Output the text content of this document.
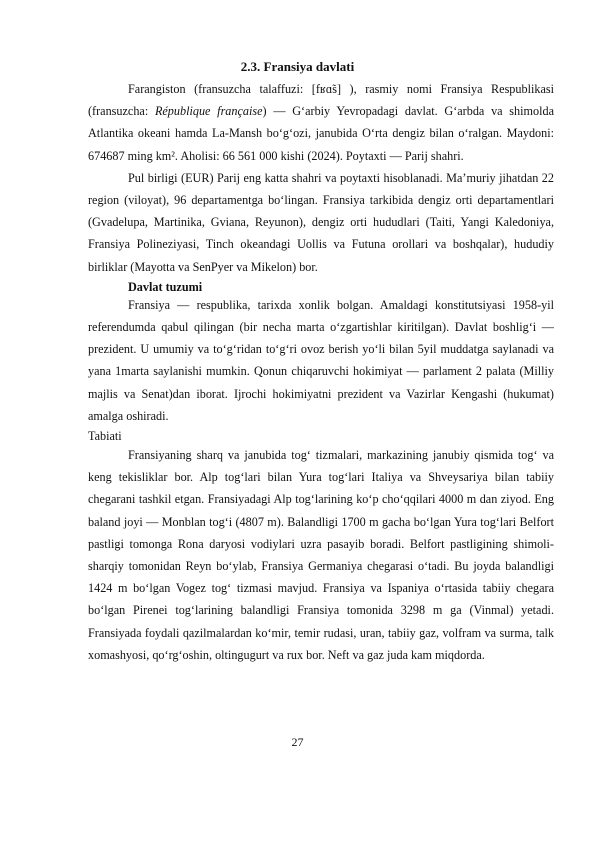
2.3. Fransiya davlati

Farangiston (fransuzcha talaffuzi: [fʁɑ̃s] ), rasmiy nomi Fransiya Respublikasi (fransuzcha: République française) — Gʻarbiy Yevropadagi davlat. Gʻarbda va shimolda Atlantika okeani hamda La-Mansh boʻgʻozi, janubida Oʻrta dengiz bilan oʻralgan. Maydoni: 674687 ming km². Aholisi: 66 561 000 kishi (2024). Poytaxti — Parij shahri.

Pul birligi (EUR) Parij eng katta shahri va poytaxti hisoblanadi. Maʼmuriy jihatdan 22 region (viloyat), 96 departamentga boʻlingan. Fransiya tarkibida dengiz orti departamentlari (Gvadelupa, Martinika, Gviana, Reyunon), dengiz orti hududlari (Taiti, Yangi Kaledoniya, Fransiya Polineziyasi, Tinch okeandagi Uollis va Futuna orollari va boshqalar), hududiy birliklar (Mayotta va SenPyer va Mikelon) bor.

Davlat tuzumi

Fransiya — respublika, tarixda xonlik bolgan. Amaldagi konstitutsiyasi 1958-yil referendumda qabul qilingan (bir necha marta oʻzgartishlar kiritilgan). Davlat boshligʻi — prezident. U umumiy va toʻgʻridan toʻgʻri ovoz berish yoʻli bilan 5yil muddatga saylanadi va yana 1marta saylanishi mumkin. Qonun chiqaruvchi hokimiyat — parlament 2 palata (Milliy majlis va Senat)dan iborat. Ijrochi hokimiyatni prezident va Vazirlar Kengashi (hukumat) amalga oshiradi.

Tabiati

Fransiyaning sharq va janubida togʻ tizmalari, markazining janubiy qismida togʻ va keng tekisliklar bor. Alp togʻlari bilan Yura togʻlari Italiya va Shveysariya bilan tabiiy chegarani tashkil etgan. Fransiyadagi Alp togʻlarining koʻp choʻqqilari 4000 m dan ziyod. Eng baland joyi — Monblan togʻi (4807 m). Balandligi 1700 m gacha boʻlgan Yura togʻlari Belfort pastligi tomonga Rona daryosi vodiylari uzra pasayib boradi. Belfort pastligining shimoli- sharqiy tomonidan Reyn boʻylab, Fransiya Germaniya chegarasi oʻtadi. Bu joyda balandligi 1424 m boʻlgan Vogez togʻ tizmasi mavjud. Fransiya va Ispaniya oʻrtasida tabiiy chegara boʻlgan Pirenei togʻlarining balandligi Fransiya tomonida 3298 m ga (Vinmal) yetadi. Fransiyada foydali qazilmalardan koʻmir, temir rudasi, uran, tabiiy gaz, volfram va surma, talk xomashyosi, qoʻrgʻoshin, oltingugurt va rux bor. Neft va gaz juda kam miqdorda.

27
